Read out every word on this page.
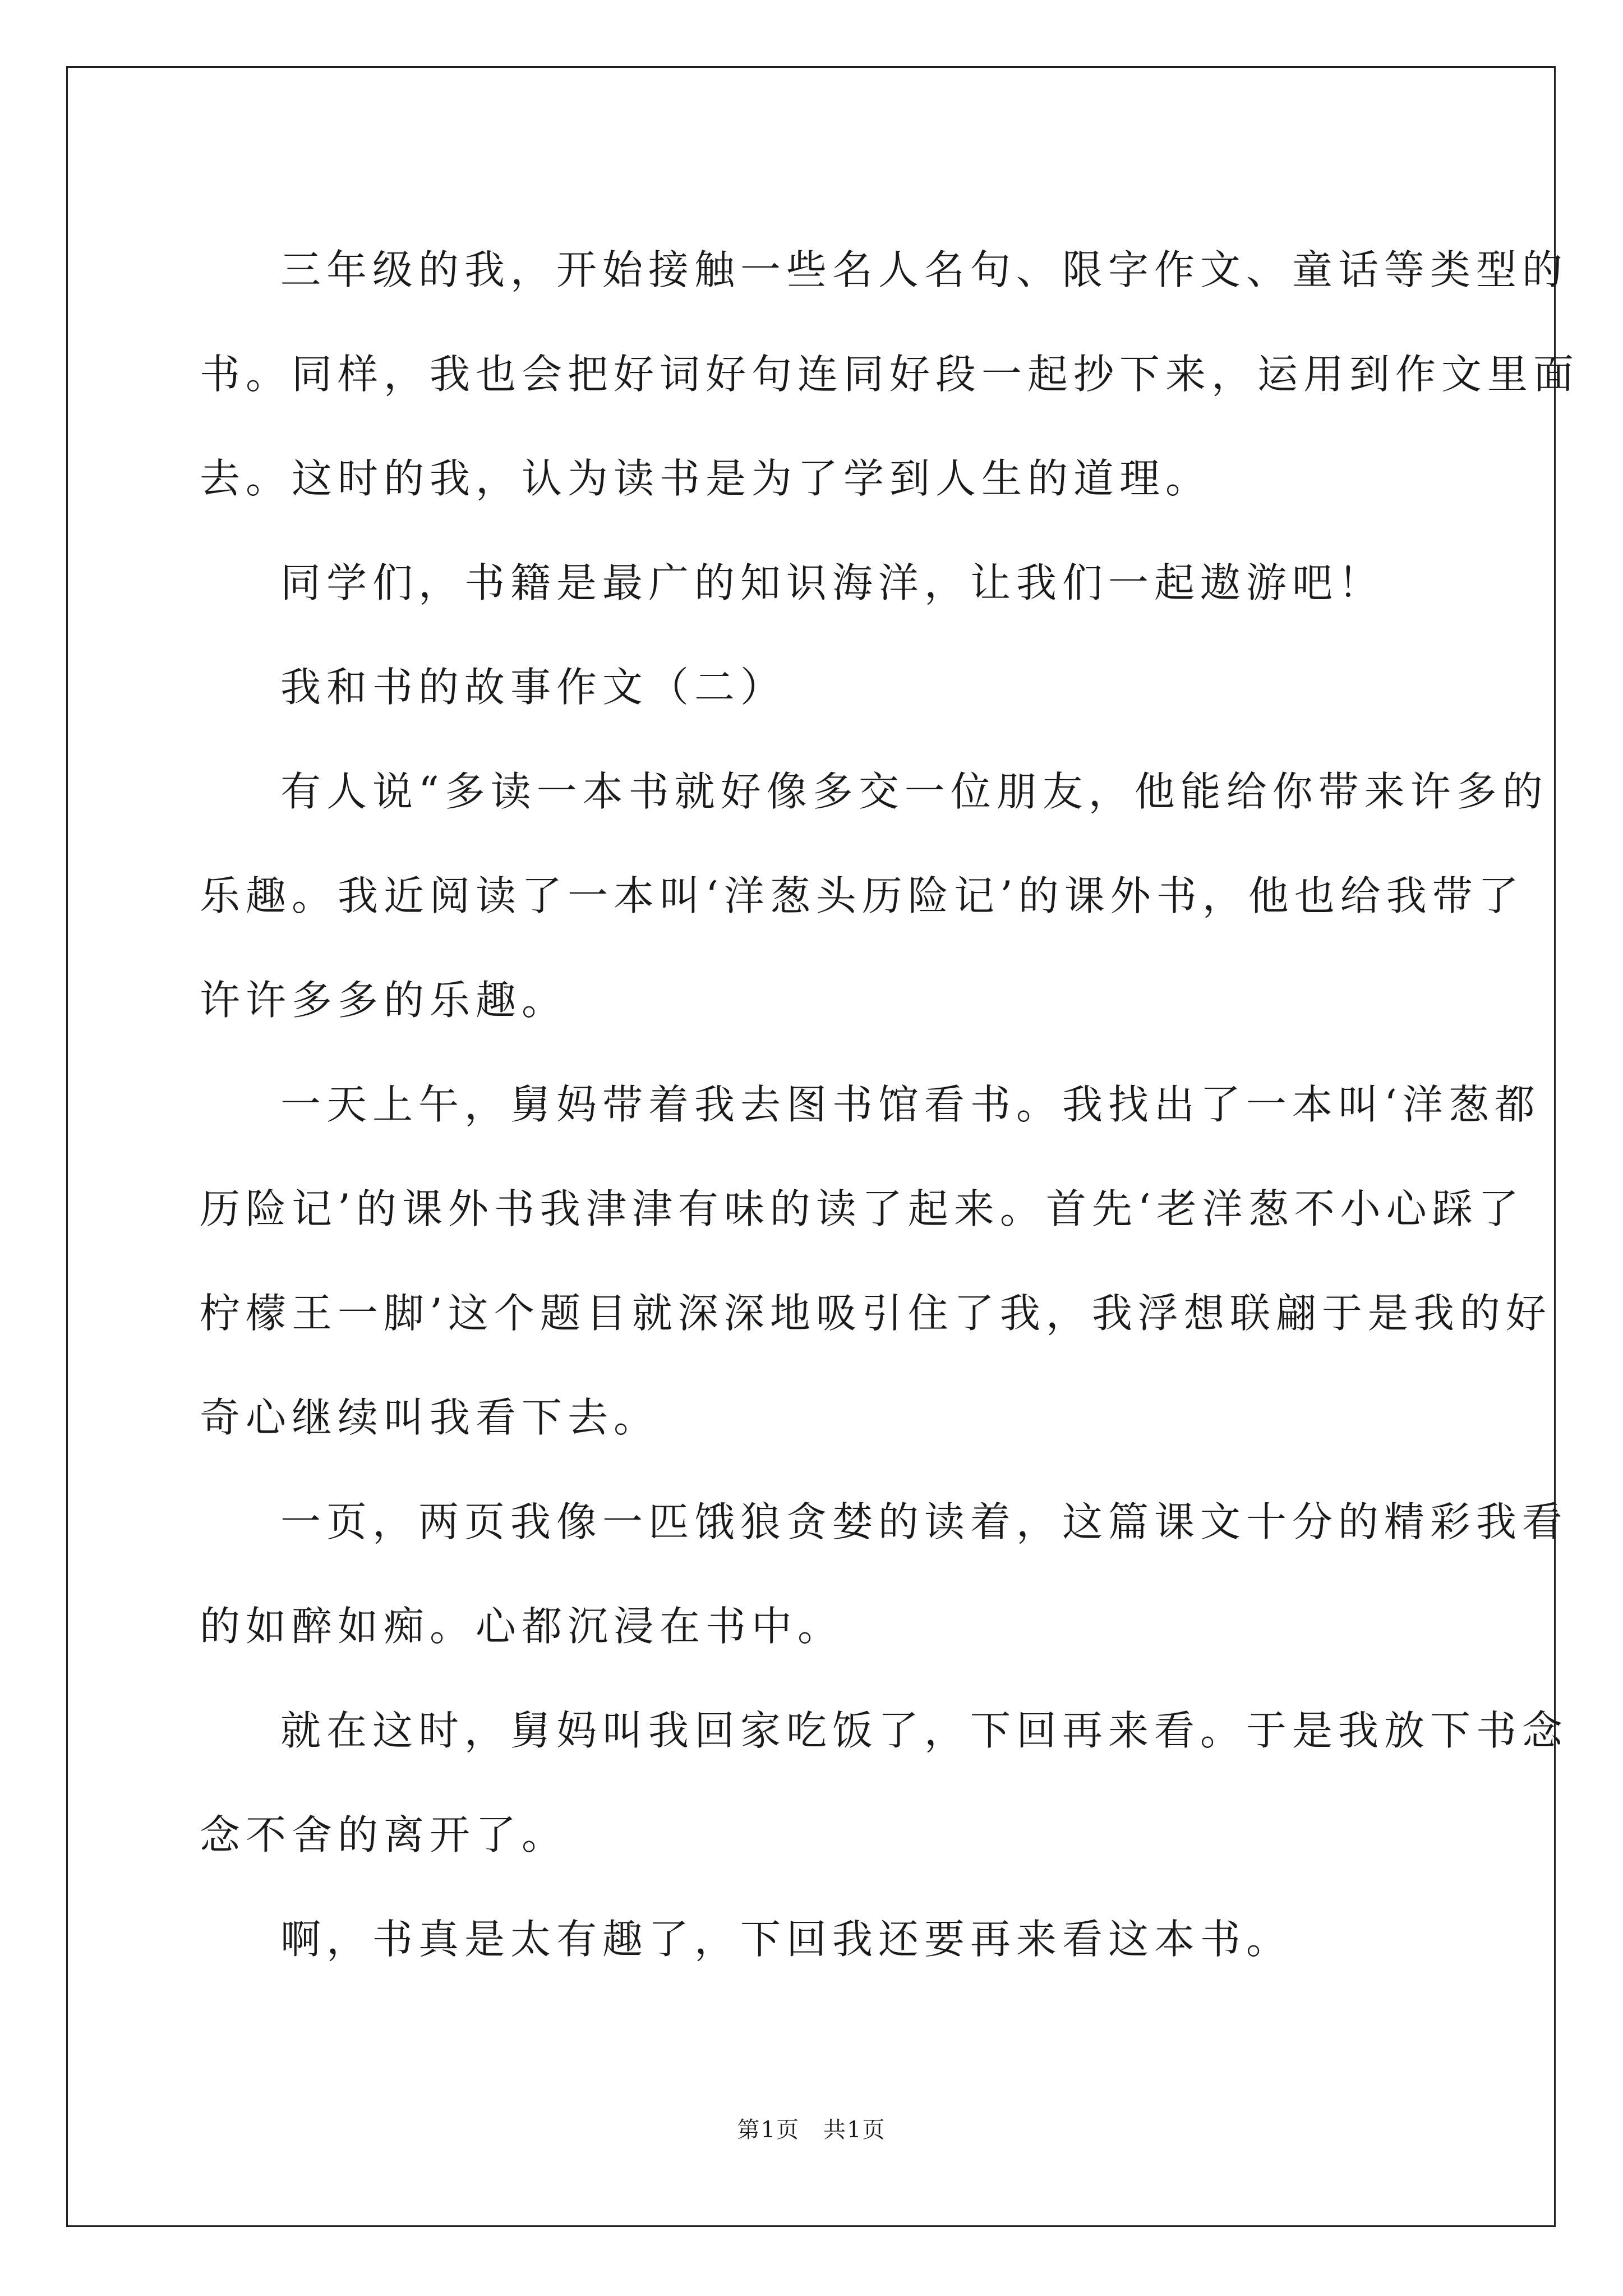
三年级的我，开始接触一些名人名句、限字作文、童话等类型的
书。同样，我也会把好词好句连同好段一起抄下来，运用到作文里面
去。这时的我，认为读书是为了学到人生的道理。
同学们，书籍是最广的知识海洋，让我们一起遨游吧！
我和书的故事作文（二）
有人说“多读一本书就好像多交一位朋友，他能给你带来许多的
乐趣。我近阅读了一本叫‘洋葱头历险记’的课外书，他也给我带了
许许多多的乐趣。
一天上午，舅妈带着我去图书馆看书。我找出了一本叫‘洋葱都
历险记’的课外书我津津有味的读了起来。首先‘老洋葱不小心踩了
柠檬王一脚’这个题目就深深地吸引住了我，我浮想联翩于是我的好
奇心继续叫我看下去。
一页，两页我像一匹饿狼贪婪的读着，这篇课文十分的精彩我看
的如醉如痴。心都沉浸在书中。
就在这时，舅妈叫我回家吃饭了，下回再来看。于是我放下书念
念不舍的离开了。
啊，书真是太有趣了，下回我还要再来看这本书。
第1页　共1页
